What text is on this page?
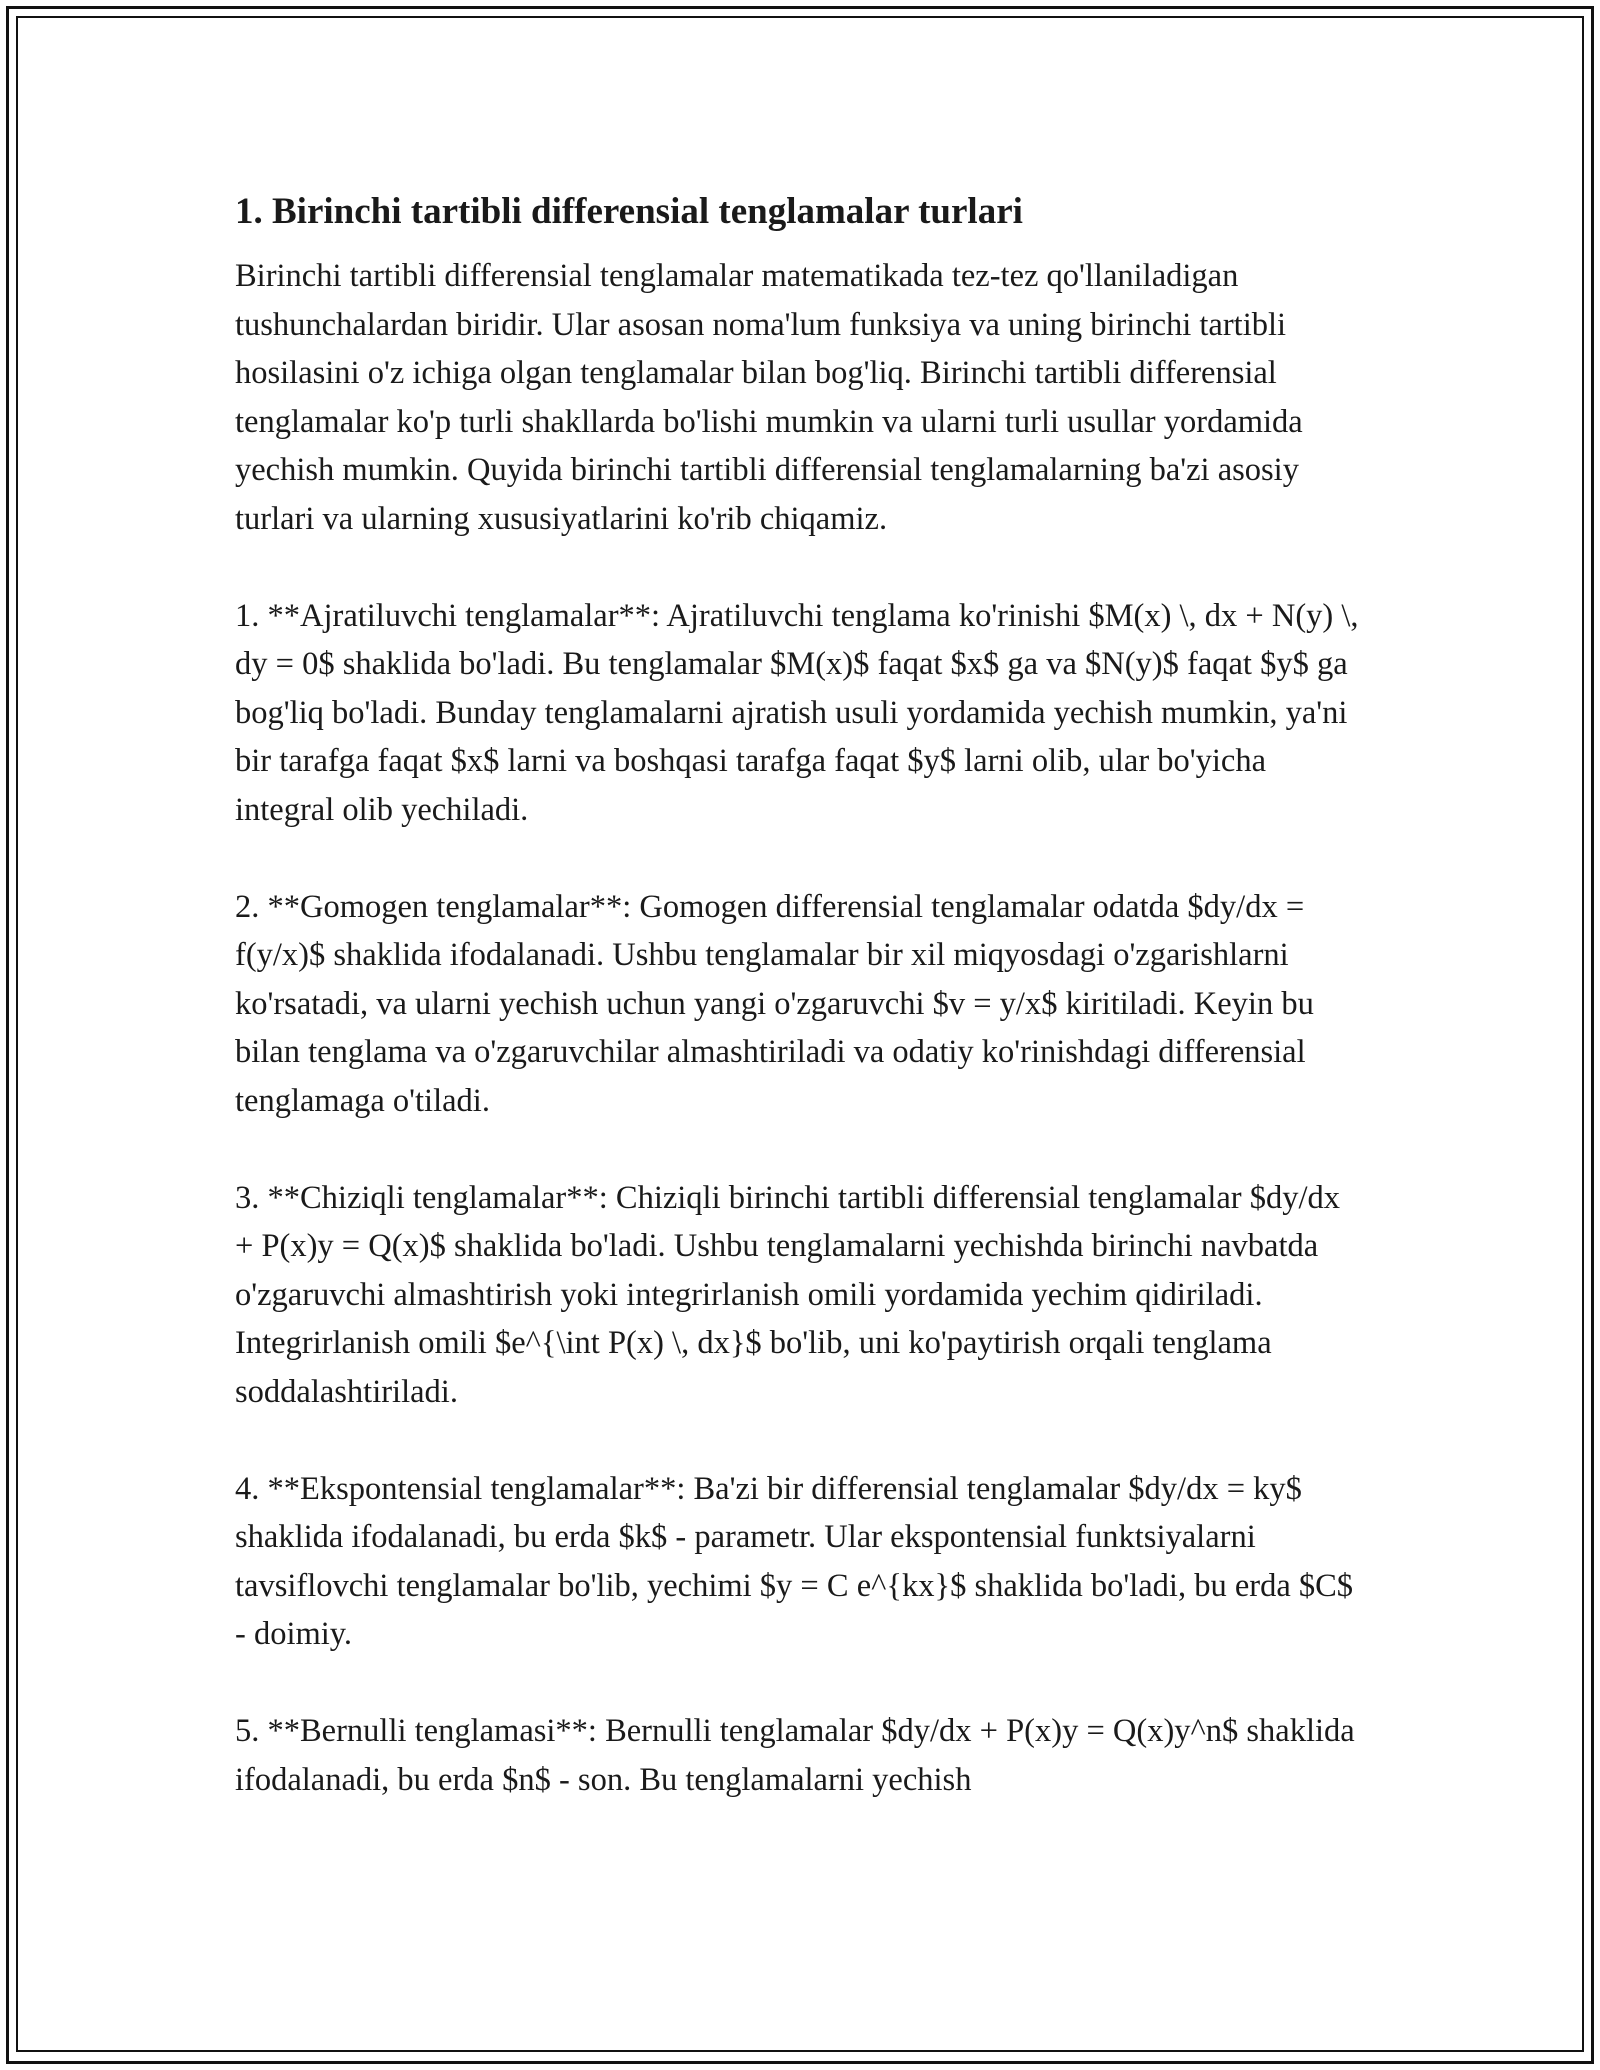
1. Birinchi tartibli differensial tenglamalar turlari

Birinchi tartibli differensial tenglamalar matematikada tez-tez qo'llaniladigan tushunchalardan biridir. Ular asosan noma'lum funksiya va uning birinchi tartibli hosilasini o'z ichiga olgan tenglamalar bilan bog'liq. Birinchi tartibli differensial tenglamalar ko'p turli shakllarda bo'lishi mumkin va ularni turli usullar yordamida yechish mumkin. Quyida birinchi tartibli differensial tenglamalarning ba'zi asosiy turlari va ularning xususiyatlarini ko'rib chiqamiz.

1. **Ajratiluvchi tenglamalar**: Ajratiluvchi tenglama ko'rinishi $M(x) \, dx + N(y) \, dy = 0$ shaklida bo'ladi. Bu tenglamalar $M(x)$ faqat $x$ ga va $N(y)$ faqat $y$ ga bog'liq bo'ladi. Bunday tenglamalarni ajratish usuli yordamida yechish mumkin, ya'ni bir tarafga faqat $x$ larni va boshqasi tarafga faqat $y$ larni olib, ular bo'yicha integral olib yechiladi.

2. **Gomogen tenglamalar**: Gomogen differensial tenglamalar odatda $dy/dx = f(y/x)$ shaklida ifodalanadi. Ushbu tenglamalar bir xil miqyosdagi o'zgarishlarni ko'rsatadi, va ularni yechish uchun yangi o'zgaruvchi $v = y/x$ kiritiladi. Keyin bu bilan tenglama va o'zgaruvchilar almashtiriladi va odatiy ko'rinishdagi differensial tenglamaga o'tiladi.

3. **Chiziqli tenglamalar**: Chiziqli birinchi tartibli differensial tenglamalar $dy/dx + P(x)y = Q(x)$ shaklida bo'ladi. Ushbu tenglamalarni yechishda birinchi navbatda o'zgaruvchi almashtirish yoki integrirlanish omili yordamida yechim qidiriladi. Integrirlanish omili $e^{\int P(x) \, dx}$ bo'lib, uni ko'paytirish orqali tenglama soddalashtiriladi.

4. **Ekspontensial tenglamalar**: Ba'zi bir differensial tenglamalar $dy/dx = ky$ shaklida ifodalanadi, bu erda $k$ - parametr. Ular ekspontensial funktsiyalarni tavsiflovchi tenglamalar bo'lib, yechimi $y = C e^{kx}$ shaklida bo'ladi, bu erda $C$ - doimiy.

5. **Bernulli tenglamasi**: Bernulli tenglamalar $dy/dx + P(x)y = Q(x)y^n$ shaklida ifodalanadi, bu erda $n$ - son. Bu tenglamalarni yechish
